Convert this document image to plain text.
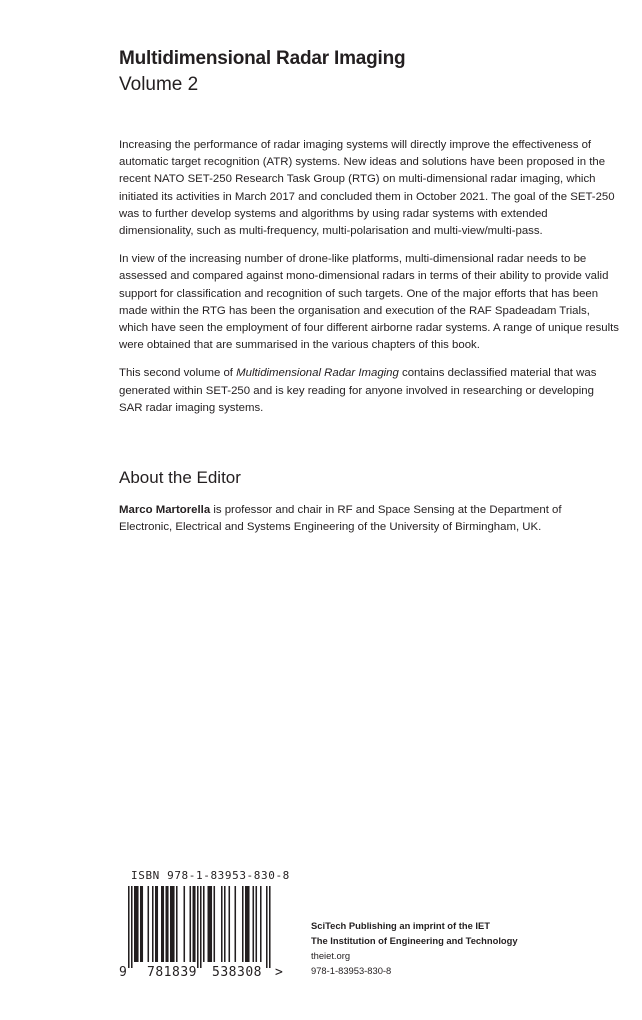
Multidimensional Radar Imaging
Volume 2

Increasing the performance of radar imaging systems will directly improve the effectiveness of automatic target recognition (ATR) systems. New ideas and solutions have been proposed in the recent NATO SET-250 Research Task Group (RTG) on multi-dimensional radar imaging, which initiated its activities in March 2017 and concluded them in October 2021. The goal of the SET-250 was to further develop systems and algorithms by using radar systems with extended dimensionality, such as multi-frequency, multi-polarisation and multi-view/multi-pass.

In view of the increasing number of drone-like platforms, multi-dimensional radar needs to be assessed and compared against mono-dimensional radars in terms of their ability to provide valid support for classification and recognition of such targets. One of the major efforts that has been made within the RTG has been the organisation and execution of the RAF Spadeadam Trials, which have seen the employment of four different airborne radar systems. A range of unique results were obtained that are summarised in the various chapters of this book.

This second volume of Multidimensional Radar Imaging contains declassified material that was generated within SET-250 and is key reading for anyone involved in researching or developing SAR radar imaging systems.

About the Editor

Marco Martorella is professor and chair in RF and Space Sensing at the Department of Electronic, Electrical and Systems Engineering of the University of Birmingham, UK.

ISBN 978-1-83953-830-8
9 781839 538308 >
SciTech Publishing an imprint of the IET
The Institution of Engineering and Technology
theiet.org
978-1-83953-830-8
